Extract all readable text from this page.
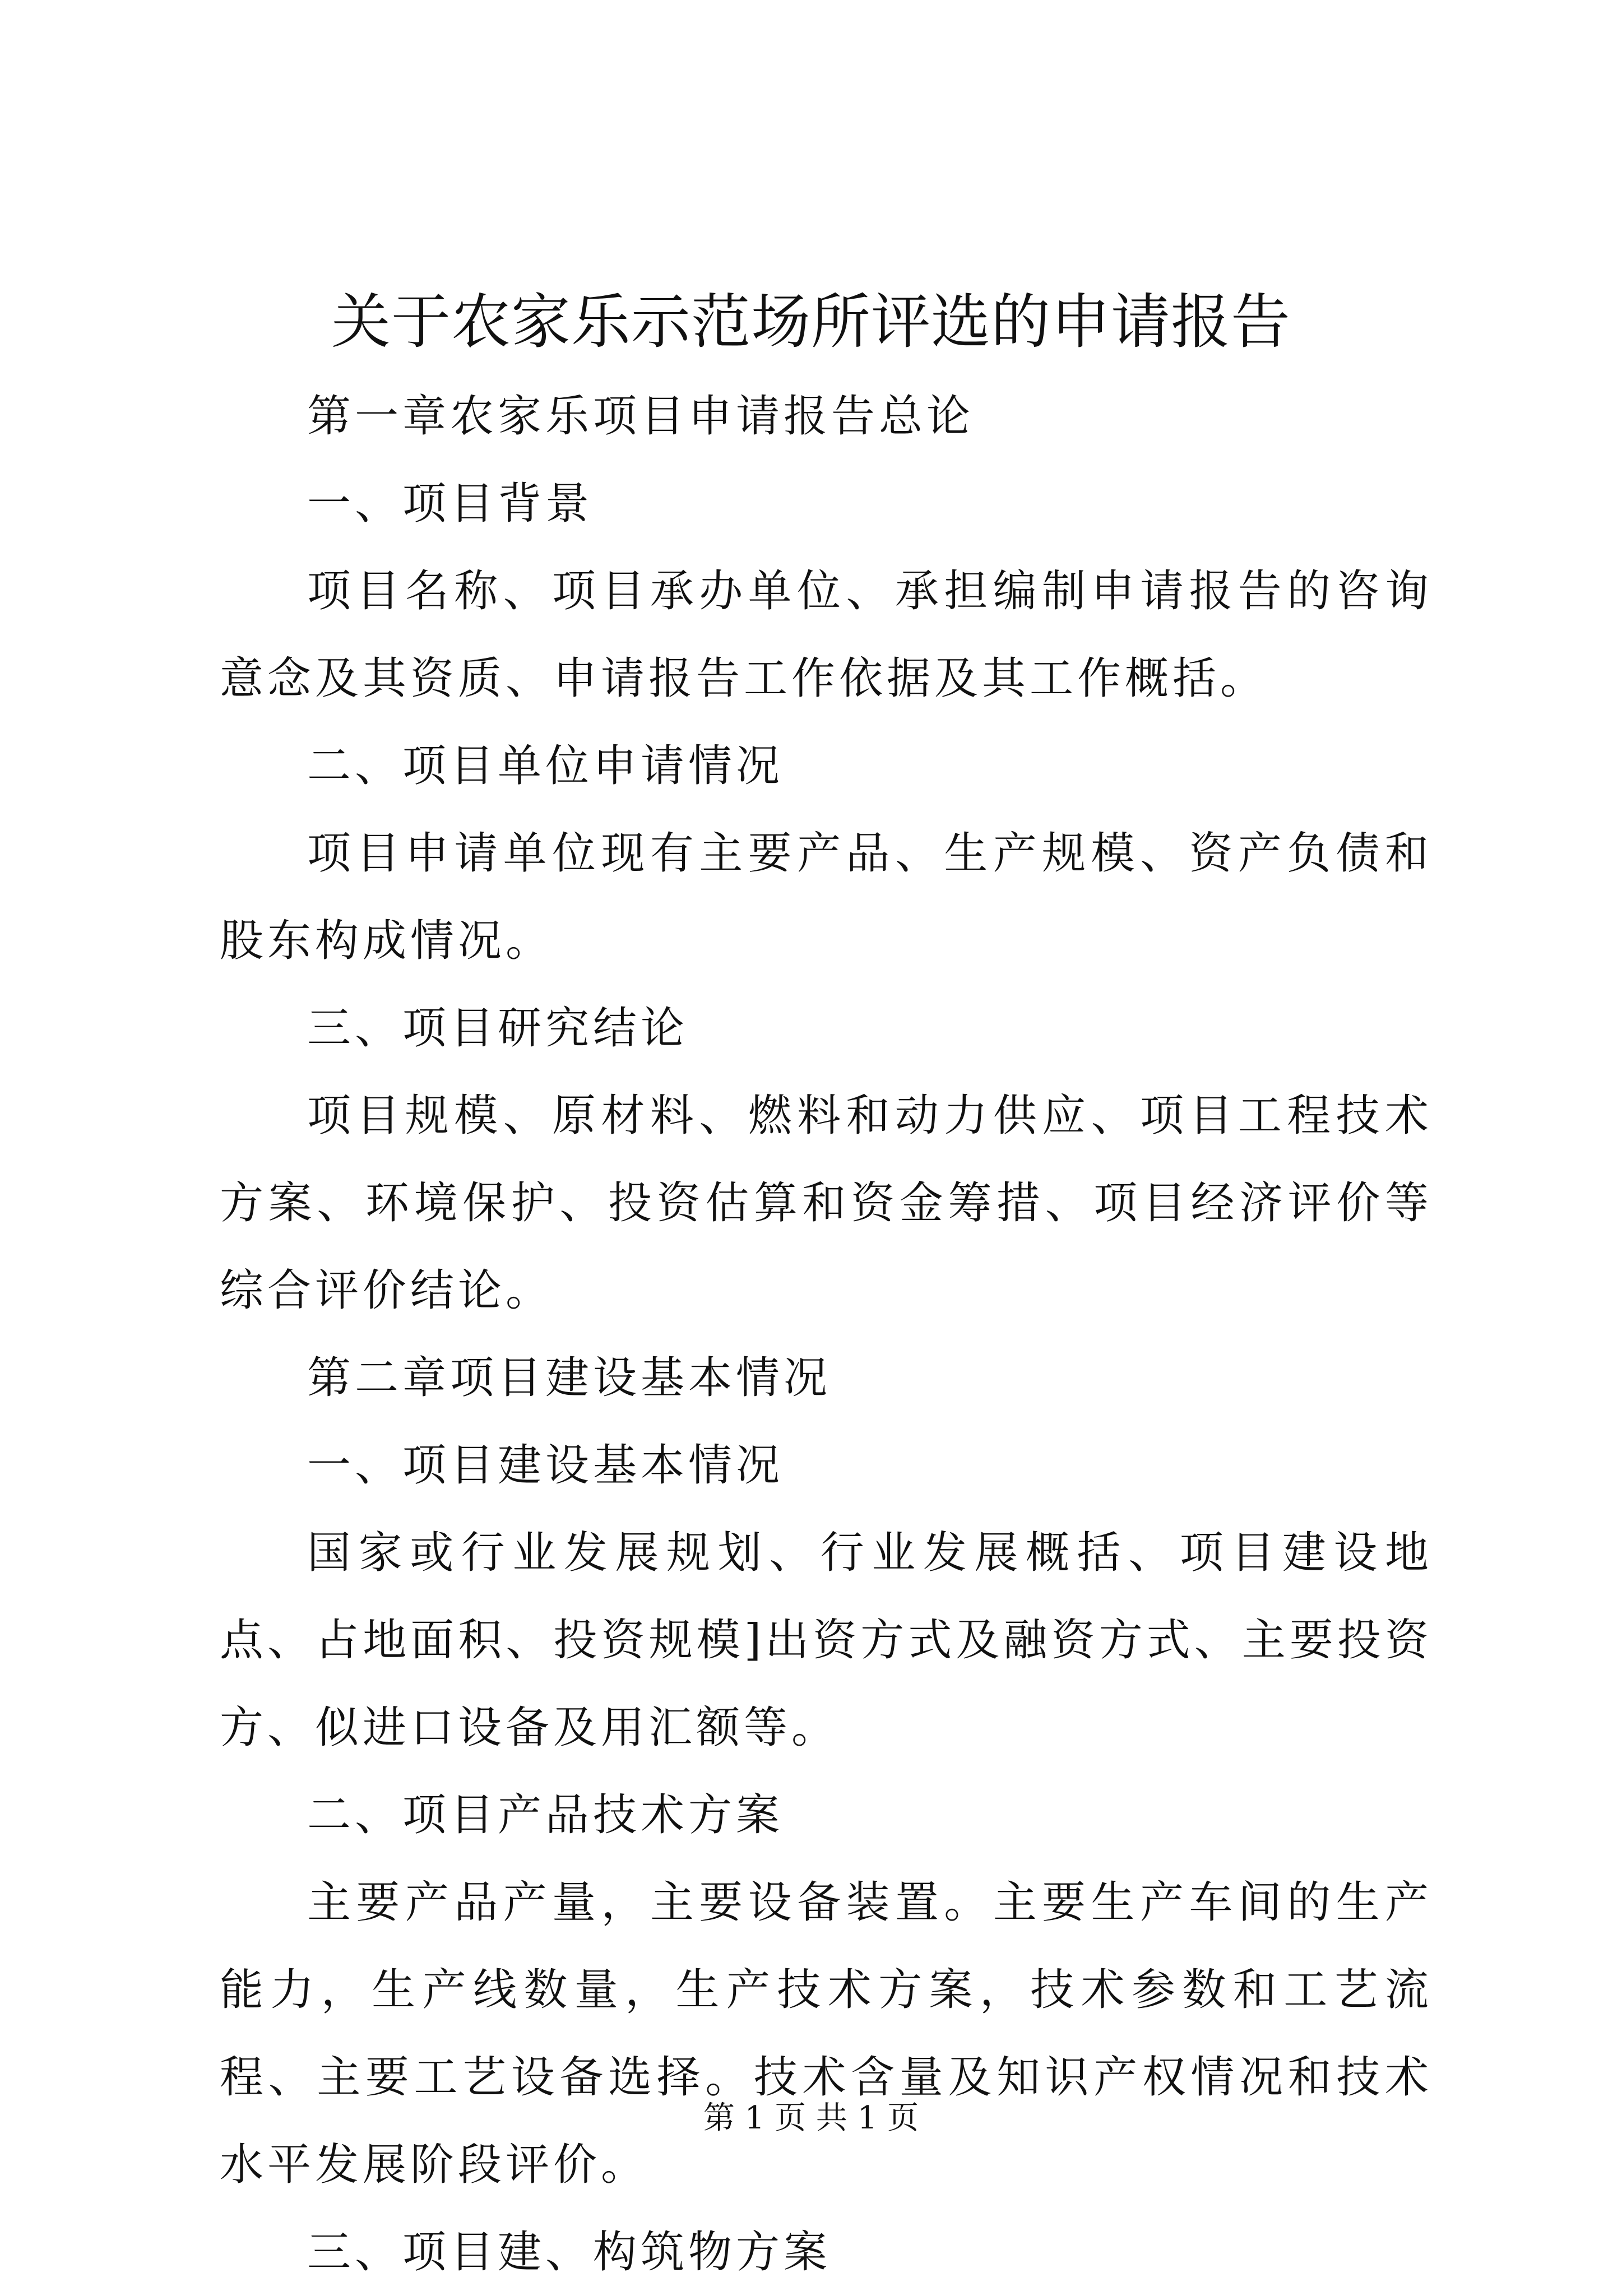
关于农家乐示范场所评选的申请报告

第一章农家乐项目申请报告总论

一、项目背景

项目名称、项目承办单位、承担编制申请报告的咨询意念及其资质、申请报告工作依据及其工作概括。

二、项目单位申请情况

项目申请单位现有主要产品、生产规模、资产负债和股东构成情况。

三、项目研究结论

项目规模、原材料、燃料和动力供应、项目工程技术方案、环境保护、投资估算和资金筹措、项目经济评价等综合评价结论。

第二章项目建设基本情况

一、项目建设基本情况

国家或行业发展规划、行业发展概括、项目建设地点、占地面积、投资规模]出资方式及融资方式、主要投资方、似进口设备及用汇额等。

二、项目产品技术方案

主要产品产量，主要设备装置。主要生产车间的生产能力，生产线数量，生产技术方案，技术参数和工艺流程、主要工艺设备选择。技术含量及知识产权情况和技术水平发展阶段评价。

三、项目建、构筑物方案

第 1 页 共 1 页
